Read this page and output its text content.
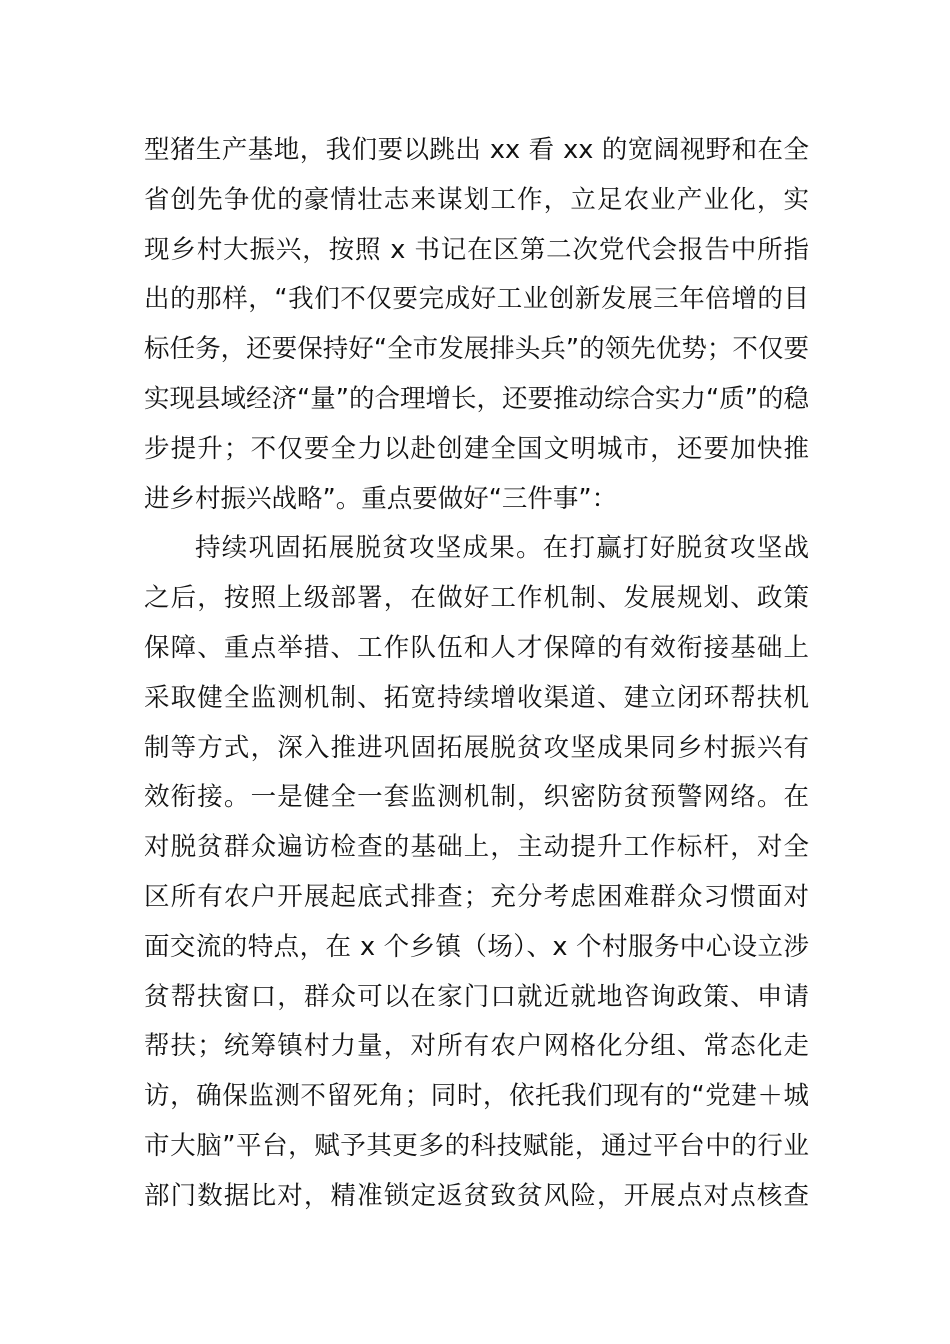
型猪生产基地，我们要以跳出 xx 看 xx 的宽阔视野和在全
省创先争优的豪情壮志来谋划工作，立足农业产业化，实
现乡村大振兴，按照 x 书记在区第二次党代会报告中所指
出的那样，“我们不仅要完成好工业创新发展三年倍增的目
标任务，还要保持好“全市发展排头兵”的领先优势；不仅要
实现县域经济“量”的合理增长，还要推动综合实力“质”的稳
步提升；不仅要全力以赴创建全国文明城市，还要加快推
进乡村振兴战略”。重点要做好“三件事”：
持续巩固拓展脱贫攻坚成果。在打赢打好脱贫攻坚战
之后，按照上级部署，在做好工作机制、发展规划、政策
保障、重点举措、工作队伍和人才保障的有效衔接基础上
采取健全监测机制、拓宽持续增收渠道、建立闭环帮扶机
制等方式，深入推进巩固拓展脱贫攻坚成果同乡村振兴有
效衔接。一是健全一套监测机制，织密防贫预警网络。在
对脱贫群众遍访检查的基础上，主动提升工作标杆，对全
区所有农户开展起底式排查；充分考虑困难群众习惯面对
面交流的特点，在 x 个乡镇（场）、x 个村服务中心设立涉
贫帮扶窗口，群众可以在家门口就近就地咨询政策、申请
帮扶；统筹镇村力量，对所有农户网格化分组、常态化走
访，确保监测不留死角；同时，依托我们现有的“党建＋城
市大脑”平台，赋予其更多的科技赋能，通过平台中的行业
部门数据比对，精准锁定返贫致贫风险，开展点对点核查
